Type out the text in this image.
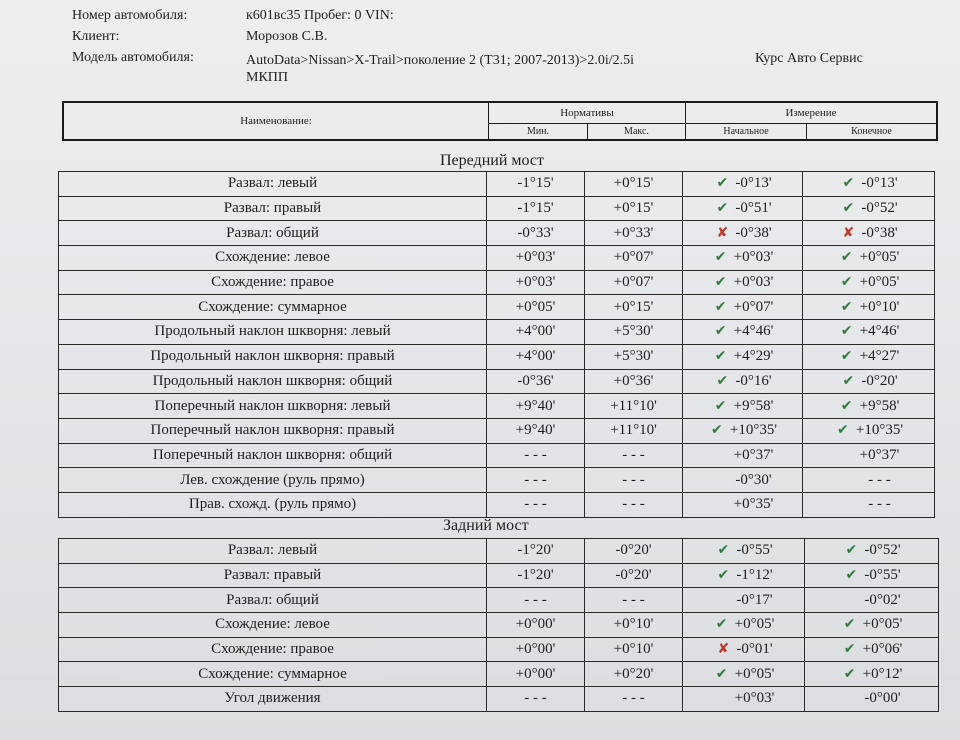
Номер автомобиля:	к601вс35 Пробег: 0 VIN:
Клиент:	Морозов С.В.
Модель автомобиля:	AutoData>Nissan>X-Trail>поколение 2 (T31; 2007-2013)>2.0i/2.5i
МКПП
Курс Авто Сервис
Наименование:
Нормативы	Измерение
Мин.	Макс.	Начальное	Конечное
Передний мост
Развал: левый	-1°15'	+0°15'	✔ -0°13'	✔ -0°13'

Развал: правый	-1°15'	+0°15'	✔ -0°51'	✔ -0°52'

Развал: общий	-0°33'	+0°33'	✘ -0°38'	✘ -0°38'

Схождение: левое	+0°03'	+0°07'	✔ +0°03'	✔ +0°05'

Схождение: правое	+0°03'	+0°07'	✔ +0°03'	✔ +0°05'

Схождение: суммарное	+0°05'	+0°15'	✔ +0°07'	✔ +0°10'

Продольный наклон шкворня: левый	+4°00'	+5°30'	✔ +4°46'	✔ +4°46'

Продольный наклон шкворня: правый	+4°00'	+5°30'	✔ +4°29'	✔ +4°27'

Продольный наклон шкворня: общий	-0°36'	+0°36'	✔ -0°16'	✔ -0°20'

Поперечный наклон шкворня: левый	+9°40'	+11°10'	✔ +9°58'	✔ +9°58'

Поперечный наклон шкворня: правый	+9°40'	+11°10'	✔ +10°35'	✔ +10°35'

Поперечный наклон шкворня: общий	- - -	- - -	+0°37'	+0°37'

Лев. схождение (руль прямо)	- - -	- - -	-0°30'	- - -

Прав. схожд. (руль прямо)	- - -	- - -	+0°35'	- - -
Задний мост
Развал: левый	-1°20'	-0°20'	✔ -0°55'	✔ -0°52'

Развал: правый	-1°20'	-0°20'	✔ -1°12'	✔ -0°55'

Развал: общий	- - -	- - -	-0°17'	-0°02'

Схождение: левое	+0°00'	+0°10'	✔ +0°05'	✔ +0°05'

Схождение: правое	+0°00'	+0°10'	✘ -0°01'	✔ +0°06'

Схождение: суммарное	+0°00'	+0°20'	✔ +0°05'	✔ +0°12'

Угол движения	- - -	- - -	+0°03'	-0°00'
